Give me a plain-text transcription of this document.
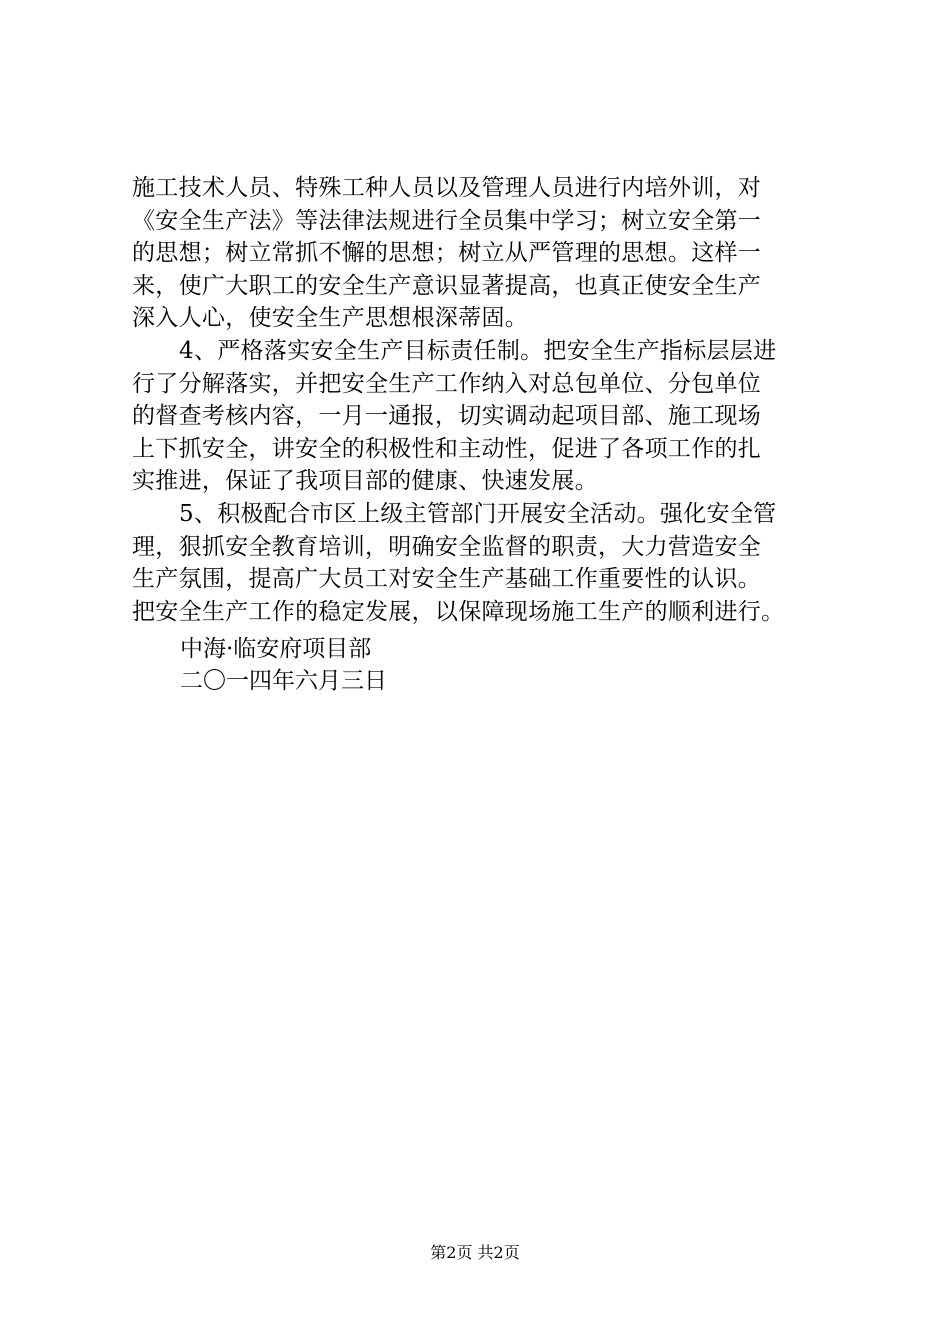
施工技术人员、特殊工种人员以及管理人员进行内培外训，对
《安全生产法》等法律法规进行全员集中学习；树立安全第一
的思想；树立常抓不懈的思想；树立从严管理的思想。这样一
来，使广大职工的安全生产意识显著提高，也真正使安全生产
深入人心，使安全生产思想根深蒂固。
4、严格落实安全生产目标责任制。把安全生产指标层层进
行了分解落实，并把安全生产工作纳入对总包单位、分包单位
的督查考核内容，一月一通报，切实调动起项目部、施工现场
上下抓安全，讲安全的积极性和主动性，促进了各项工作的扎
实推进，保证了我项目部的健康、快速发展。
5、积极配合市区上级主管部门开展安全活动。强化安全管
理，狠抓安全教育培训，明确安全监督的职责，大力营造安全
生产氛围，提高广大员工对安全生产基础工作重要性的认识。
把安全生产工作的稳定发展，以保障现场施工生产的顺利进行。
中海·临安府项目部
二〇一四年六月三日
第2页 共2页
